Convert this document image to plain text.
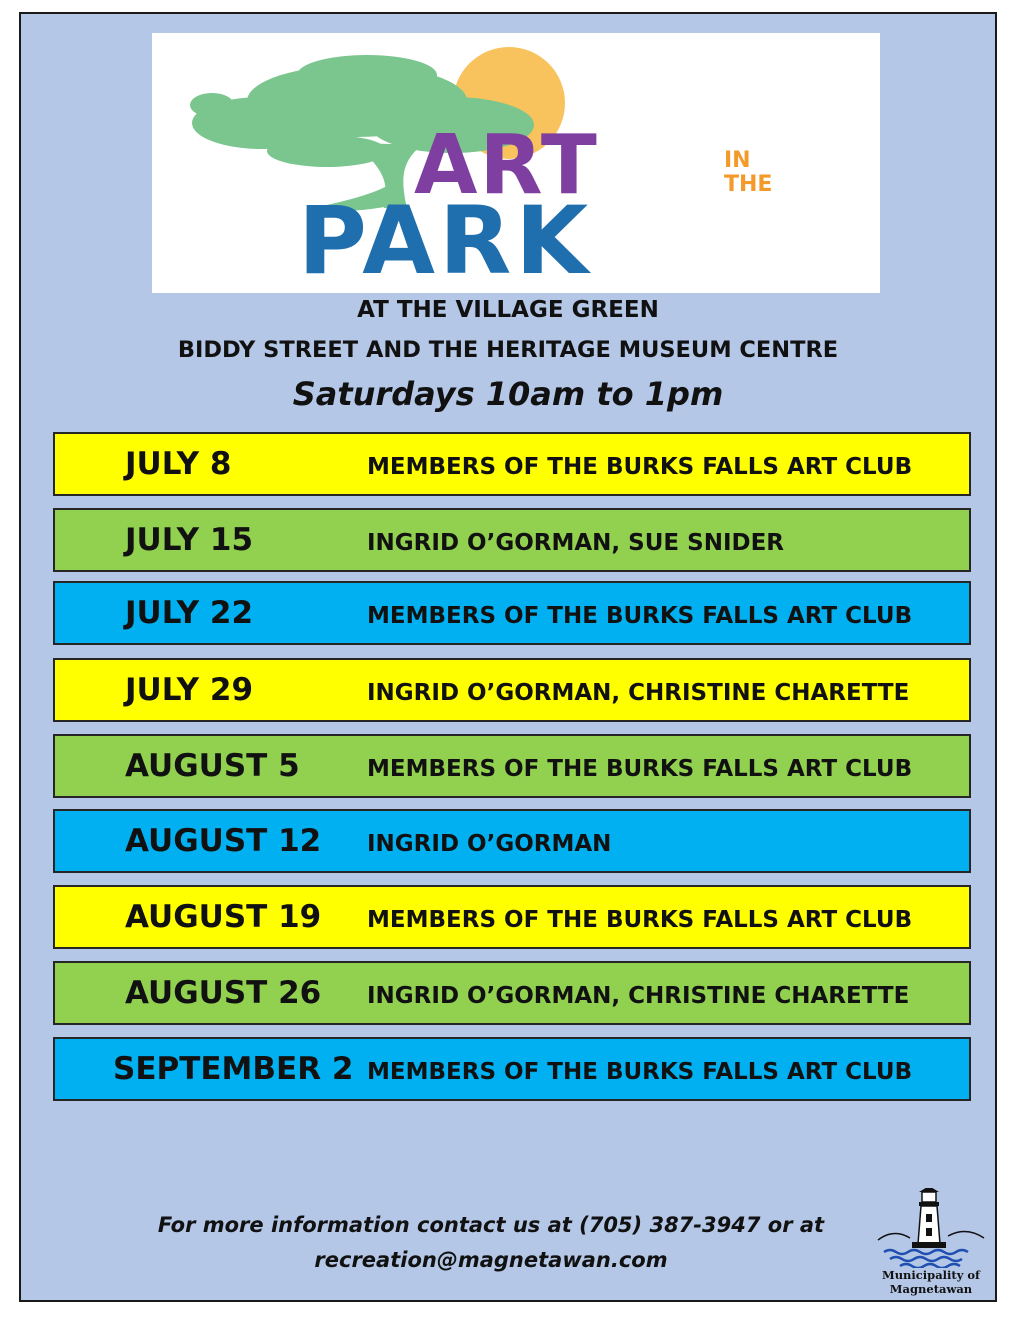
ART	IN
THE
PARK
AT THE VILLAGE GREEN
BIDDY STREET AND THE HERITAGE MUSEUM CENTRE
Saturdays 10am to 1pm
JULY 8	MEMBERS OF THE BURKS FALLS ART CLUB
JULY 15	INGRID O’GORMAN, SUE SNIDER
JULY 22	MEMBERS OF THE BURKS FALLS ART CLUB
JULY 29	INGRID O’GORMAN, CHRISTINE CHARETTE
AUGUST 5	MEMBERS OF THE BURKS FALLS ART CLUB
AUGUST 12 INGRID O’GORMAN
AUGUST 19 MEMBERS OF THE BURKS FALLS ART CLUB
AUGUST 26 INGRID O’GORMAN, CHRISTINE CHARETTE
SEPTEMBER 2 MEMBERS OF THE BURKS FALLS ART CLUB
For more information contact us at (705) 387-3947 or at
recreation@magnetawan.com
Municipality of
Magnetawan
